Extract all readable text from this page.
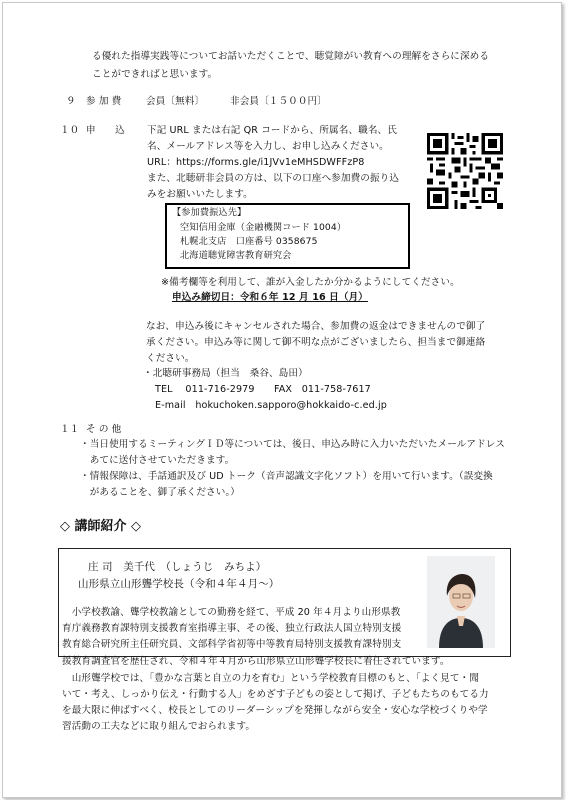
る優れた指導実践等についてお話いただくことで、聴覚障がい教育への理解をさらに深める
ことができればと思います。
９ 参 加 費	会員〔無料〕	非会員〔１５００円〕
１０ 申　　込 下記 URL または右記 QR コードから、所属名、職名、氏
名、メールアドレス等を入力し、お申し込みください。
URL：https://forms.gle/i1JVv1eMHSDWFFzP8
また、北聴研非会員の方は、以下の口座へ参加費の振り込
みをお願いいたします。
【参加費振込先】
空知信用金庫（金融機関コード 1004）
札幌北支店　口座番号 0358675
北海道聴覚障害教育研究会
※備考欄等を利用して、誰が入金したか分かるようにしてください。
申込み締切日：令和６年 12 月 16 日（月）
なお、申込み後にキャンセルされた場合、参加費の返金はできませんので御了
承ください。申込み等に関して御不明な点がございましたら、担当まで御連絡
ください。
・北聴研事務局（担当　桑谷、島田）
TEL　 011-716-2979　　FAX　011-758-7617
E-mail　hokuchoken.sapporo@hokkaido-c.ed.jp
１１ そ の 他
・当日使用するミーティングＩＤ等については、後日、申込み時に入力いただいたメールアドレス
　あてに送付させていただきます。
・情報保障は、手話通訳及び UD トーク（音声認識文字化ソフト）を用いて行います。（誤変換
　があることを、御了承ください。）
◇ 講師紹介 ◇
庄 司　美千代　（しょうじ　みちよ）
山形県立山形聾学校長（令和４年４月～）
　小学校教諭、聾学校教諭としての勤務を経て、平成 20 年４月より山形県教
育庁義務教育課特別支援教育室指導主事、その後、独立行政法人国立特別支援
教育総合研究所主任研究員、文部科学省初等中等教育局特別支援教育課特別支
援教育調査官を歴任され、令和４年４月から山形県立山形聾学校長に着任されています。
　山形聾学校では、「豊かな言葉と自立の力を育む」という学校教育目標のもと、「よく見て・聞
いて・考え、しっかり伝え・行動する人」をめざす子どもの姿として掲げ、子どもたちのもてる力
を最大限に伸ばすべく、校長としてのリーダーシップを発揮しながら安全・安心な学校づくりや学
習活動の工夫などに取り組んでおられます。
